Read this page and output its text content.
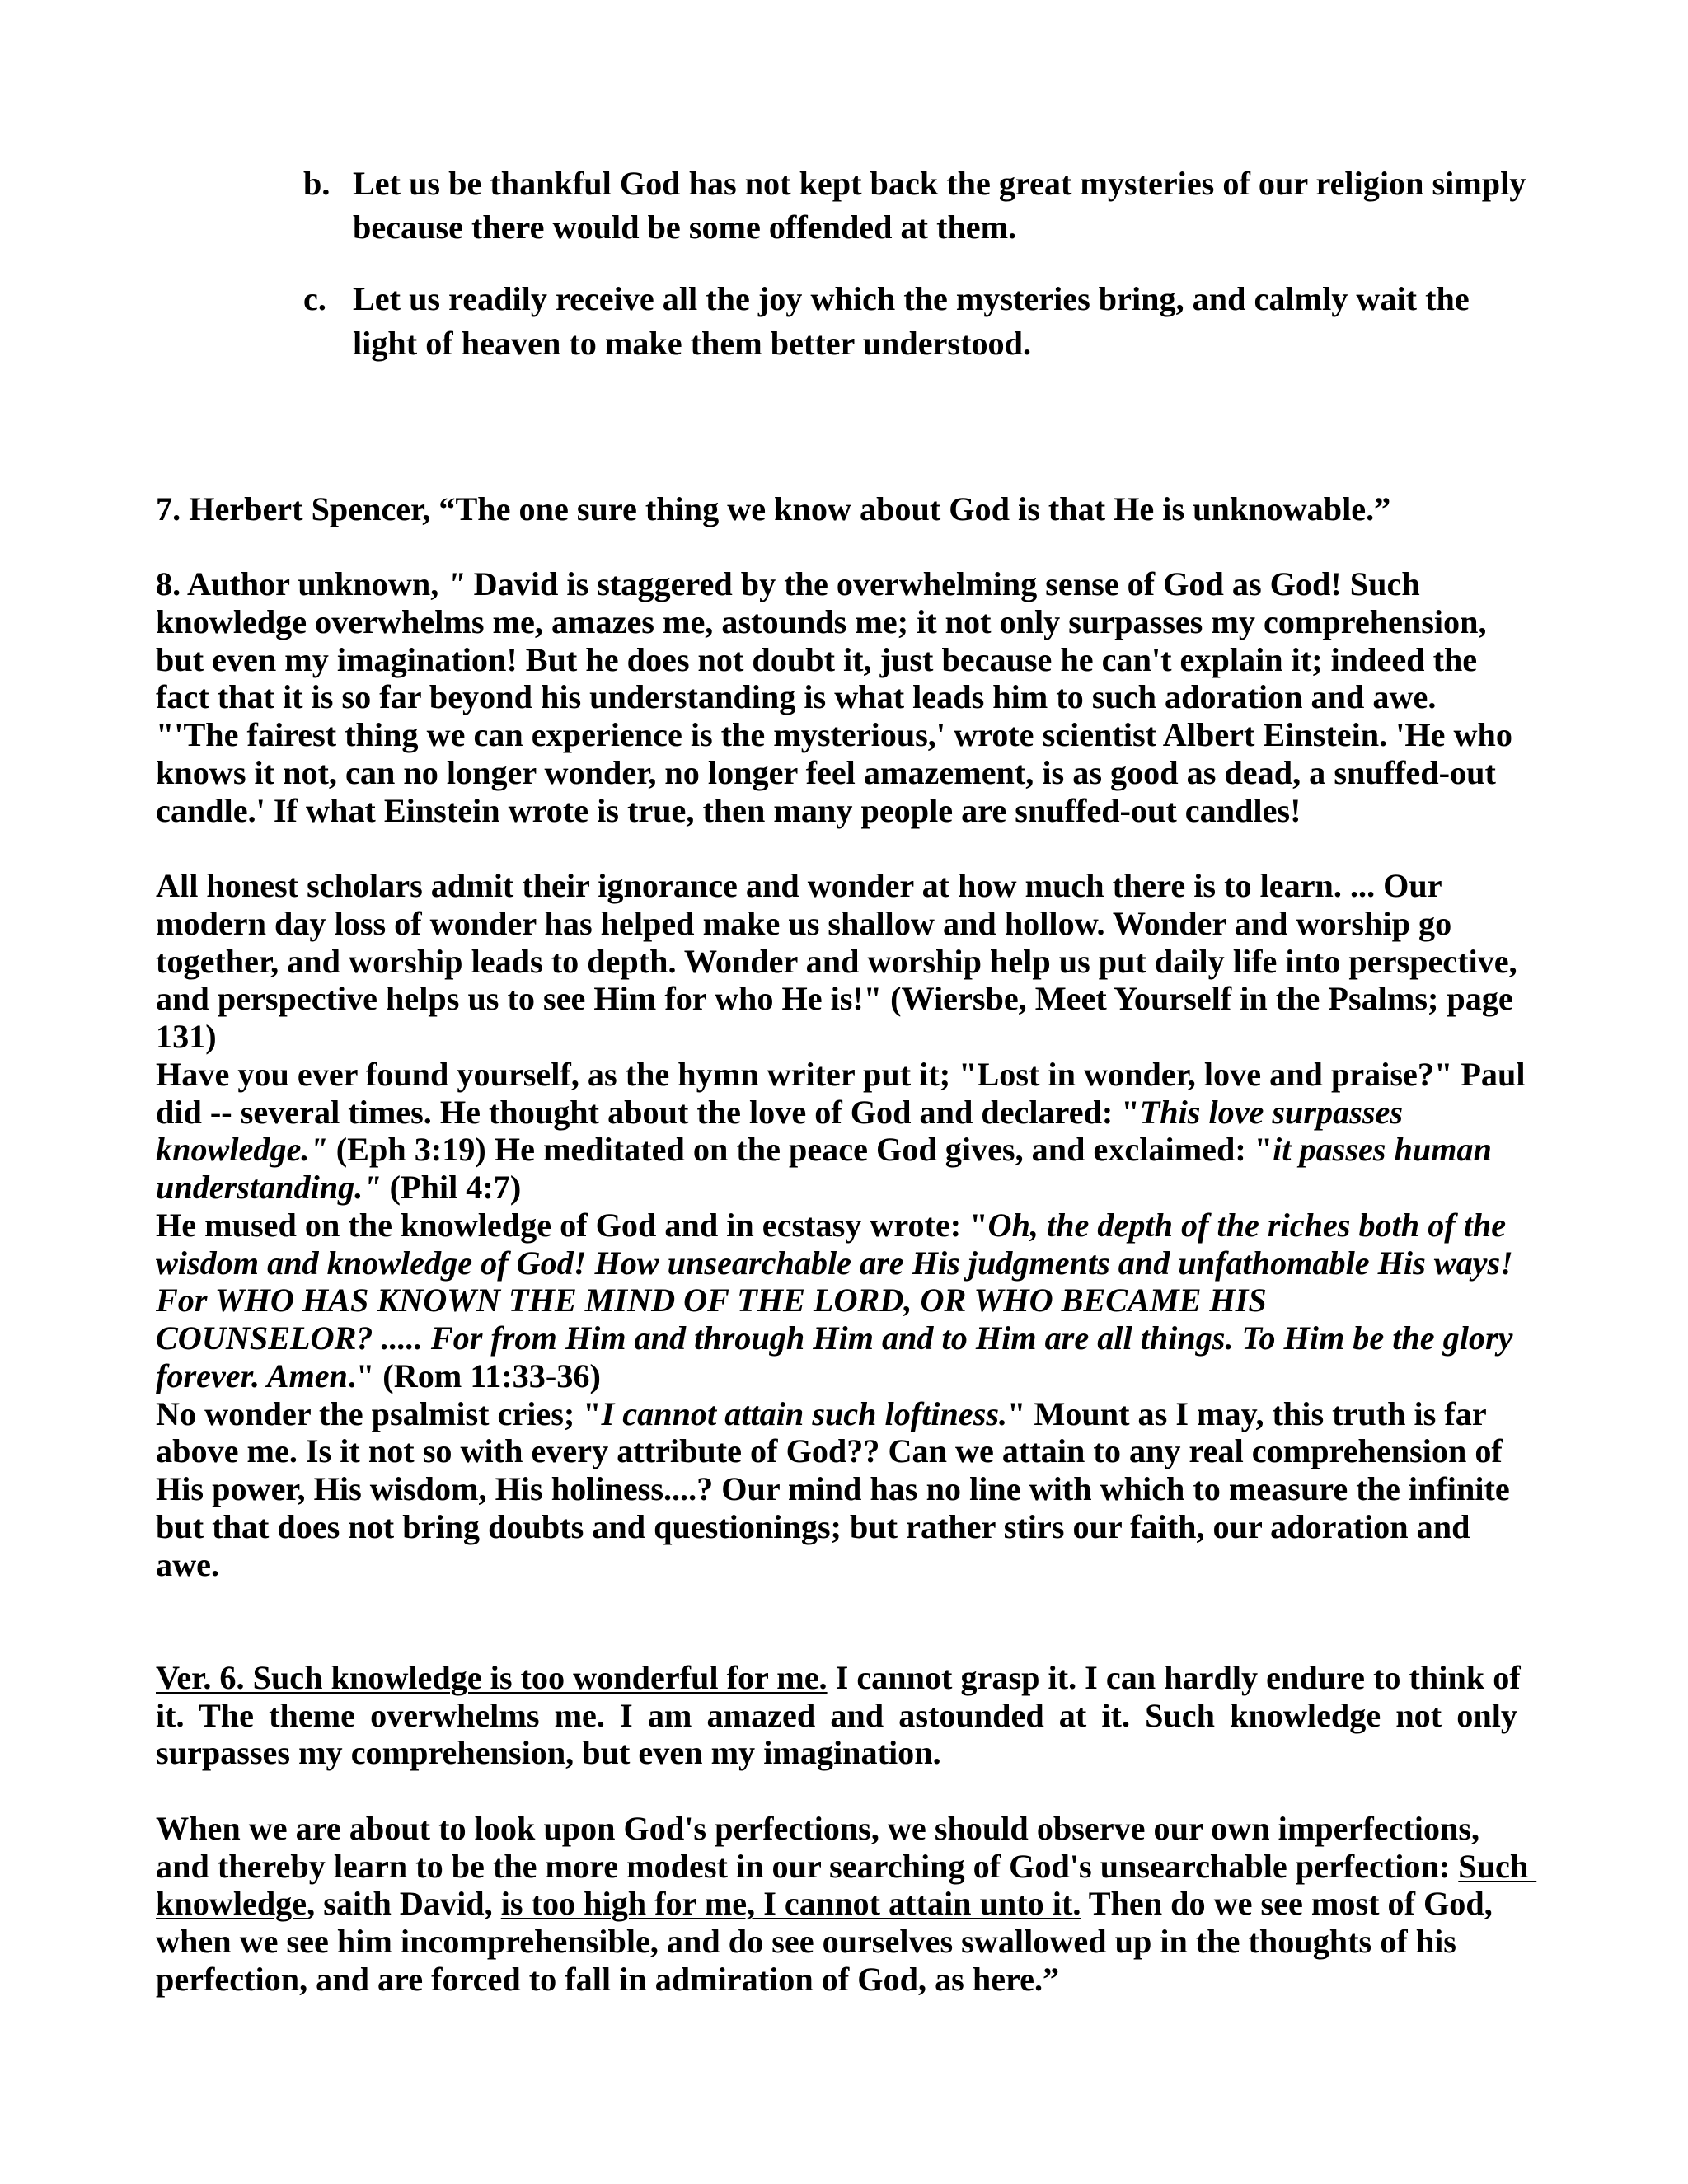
b. Let us be thankful God has not kept back the great mysteries of our religion simply
because there would be some offended at them.
c. Let us readily receive all the joy which the mysteries bring, and calmly wait the
light of heaven to make them better understood.
7. Herbert Spencer, “The one sure thing we know about God is that He is unknowable.”
8. Author unknown, " David is staggered by the overwhelming sense of God as God! Such
knowledge overwhelms me, amazes me, astounds me; it not only surpasses my comprehension,
but even my imagination! But he does not doubt it, just because he can't explain it; indeed the
fact that it is so far beyond his understanding is what leads him to such adoration and awe.
"'The fairest thing we can experience is the mysterious,' wrote scientist Albert Einstein. 'He who
knows it not, can no longer wonder, no longer feel amazement, is as good as dead, a snuffed-out
candle.' If what Einstein wrote is true, then many people are snuffed-out candles!
All honest scholars admit their ignorance and wonder at how much there is to learn. ... Our
modern day loss of wonder has helped make us shallow and hollow. Wonder and worship go
together, and worship leads to depth. Wonder and worship help us put daily life into perspective,
and perspective helps us to see Him for who He is!" (Wiersbe, Meet Yourself in the Psalms; page
131)
Have you ever found yourself, as the hymn writer put it; "Lost in wonder, love and praise?" Paul
did -- several times. He thought about the love of God and declared: "This love surpasses
knowledge." (Eph 3:19) He meditated on the peace God gives, and exclaimed: "it passes human
understanding." (Phil 4:7)
He mused on the knowledge of God and in ecstasy wrote: "Oh, the depth of the riches both of the
wisdom and knowledge of God! How unsearchable are His judgments and unfathomable His ways!
For WHO HAS KNOWN THE MIND OF THE LORD, OR WHO BECAME HIS
COUNSELOR? ..... For from Him and through Him and to Him are all things. To Him be the glory
forever. Amen." (Rom 11:33-36)
No wonder the psalmist cries; "I cannot attain such loftiness." Mount as I may, this truth is far
above me. Is it not so with every attribute of God?? Can we attain to any real comprehension of
His power, His wisdom, His holiness....? Our mind has no line with which to measure the infinite
but that does not bring doubts and questionings; but rather stirs our faith, our adoration and
awe.
Ver. 6. Such knowledge is too wonderful for me. I cannot grasp it. I can hardly endure to think of
it. The theme overwhelms me. I am amazed and astounded at it. Such knowledge not only
surpasses my comprehension, but even my imagination.
When we are about to look upon God's perfections, we should observe our own imperfections,
and thereby learn to be the more modest in our searching of God's unsearchable perfection: Such
knowledge, saith David, is too high for me, I cannot attain unto it. Then do we see most of God,
when we see him incomprehensible, and do see ourselves swallowed up in the thoughts of his
perfection, and are forced to fall in admiration of God, as here.”
